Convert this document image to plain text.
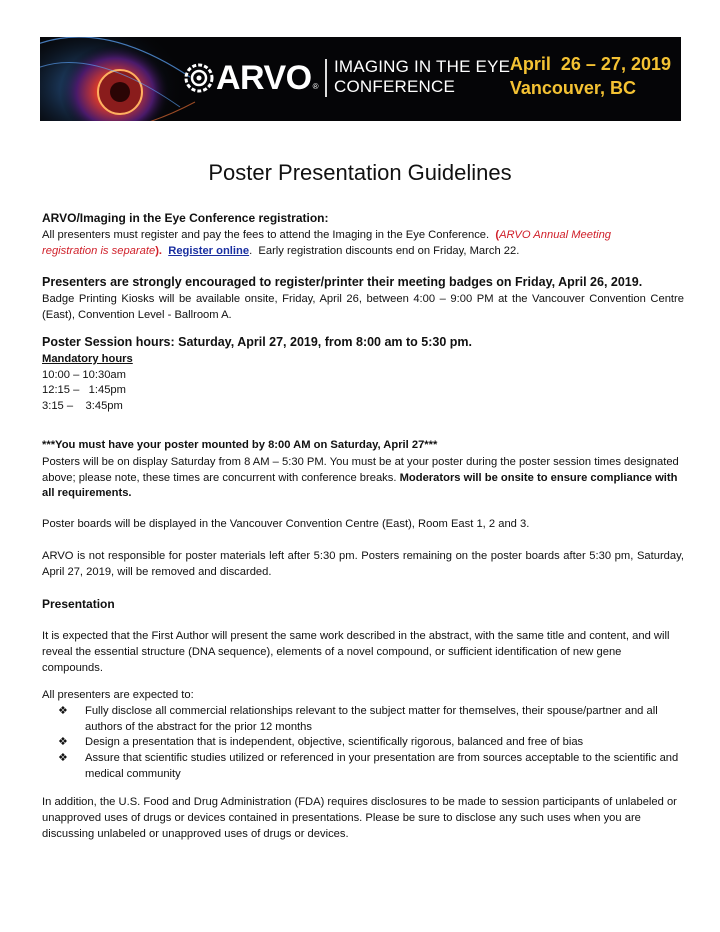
ARVO ®
IMAGING IN THE EYE
CONFERENCE
April  26 – 27, 2019
Vancouver, BC
Poster Presentation Guidelines
ARVO/Imaging in the Eye Conference registration:

All presenters must register and pay the fees to attend the Imaging in the Eye Conference.  (ARVO Annual Meeting
registration is separate). Register online.  Early registration discounts end on Friday, March 22.

Presenters are strongly encouraged to register/printer their meeting badges on Friday, April 26, 2019.

Badge Printing Kiosks will be available onsite, Friday, April 26, between 4:00 – 9:00 PM at the Vancouver Convention Centre (East), Convention Level - Ballroom A.

Poster Session hours: Saturday, April 27, 2019, from 8:00 am to 5:30 pm.
Mandatory hours
10:00 – 10:30am
12:15 –   1:45pm
3:15 –    3:45pm
***You must have your poster mounted by 8:00 AM on Saturday, April 27***

Posters will be on display Saturday from 8 AM – 5:30 PM. You must be at your poster during the poster session times designated above; please note, these times are concurrent with conference breaks. Moderators will be onsite to ensure compliance with all requirements.

Poster boards will be displayed in the Vancouver Convention Centre (East), Room East 1, 2 and 3.

ARVO is not responsible for poster materials left after 5:30 pm. Posters remaining on the poster boards after 5:30 pm, Saturday, April 27, 2019, will be removed and discarded.

Presentation

It is expected that the First Author will present the same work described in the abstract, with the same title and content, and will reveal the essential structure (DNA sequence), elements of a novel compound, or sufficient identification of new gene compounds.

All presenters are expected to:

❖ Fully disclose all commercial relationships relevant to the subject matter for themselves, their spouse/partner and all authors of the abstract for the prior 12 months
❖ Design a presentation that is independent, objective, scientifically rigorous, balanced and free of bias
❖ Assure that scientific studies utilized or referenced in your presentation are from sources acceptable to the scientific and medical community

In addition, the U.S. Food and Drug Administration (FDA) requires disclosures to be made to session participants of unlabeled or unapproved uses of drugs or devices contained in presentations. Please be sure to disclose any such uses when you are discussing unlabeled or unapproved uses of drugs or devices.
